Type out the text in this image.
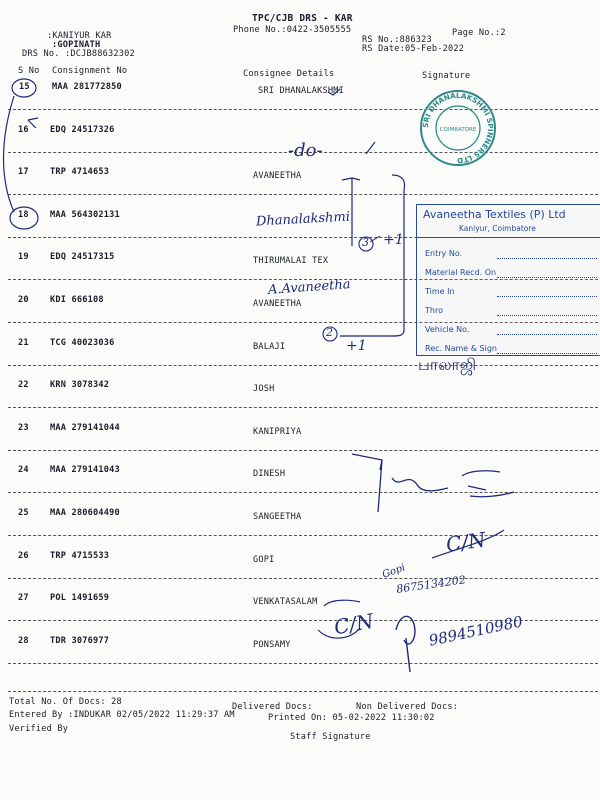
TPC/CJB DRS - KAR
Phone No.:0422-3505555	Page No.:2
:KANIYUR KAR
:GOPINATH
DRS No. :DCJB88632302
RS No.:886323
RS Date:05-Feb-2022
S No Consignment No	Consignee Details	Signature
15	MAA 281772850	SRI DHANALAKSHMI
16 EDQ 24517326
17 TRP 4714653	AVANEETHA
18 MAA 564302131
19 EDQ 24517315	THIRUMALAI TEX
20 KDI 666108	AVANEETHA
21 TCG 40023036	BALAJI
22 KRN 3078342	JOSH
23 MAA 279141044	KANIPRIYA
24 MAA 279141043	DINESH
25 MAA 280604490	SANGEETHA
26 TRP 4715533	GOPI
27 POL 1491659	VENKATASALAM
28 TDR 3076977	PONSAMY
-do-
Dhanalakshmi
3 +1
A.Avaneetha
2
+1
பாலாஜி
C/N
Gopi
8675134202
C/N	9894510980
SRI DHANALAKSHMI SPINNERS LTD
COIMBATORE
Avaneetha Textiles (P) Ltd
Kaniyur, Coimbatore
Entry No.
Material Recd. On
Time In
Thro
Vehicle No.
Rec. Name & Sign
Total No. Of Docs: 28	Delivered Docs:	Non Delivered Docs:
Entered By :INDUKAR 02/05/2022 11:29:37 AM	Printed On: 05-02-2022 11:30:02
Verified By
Staff Signature
